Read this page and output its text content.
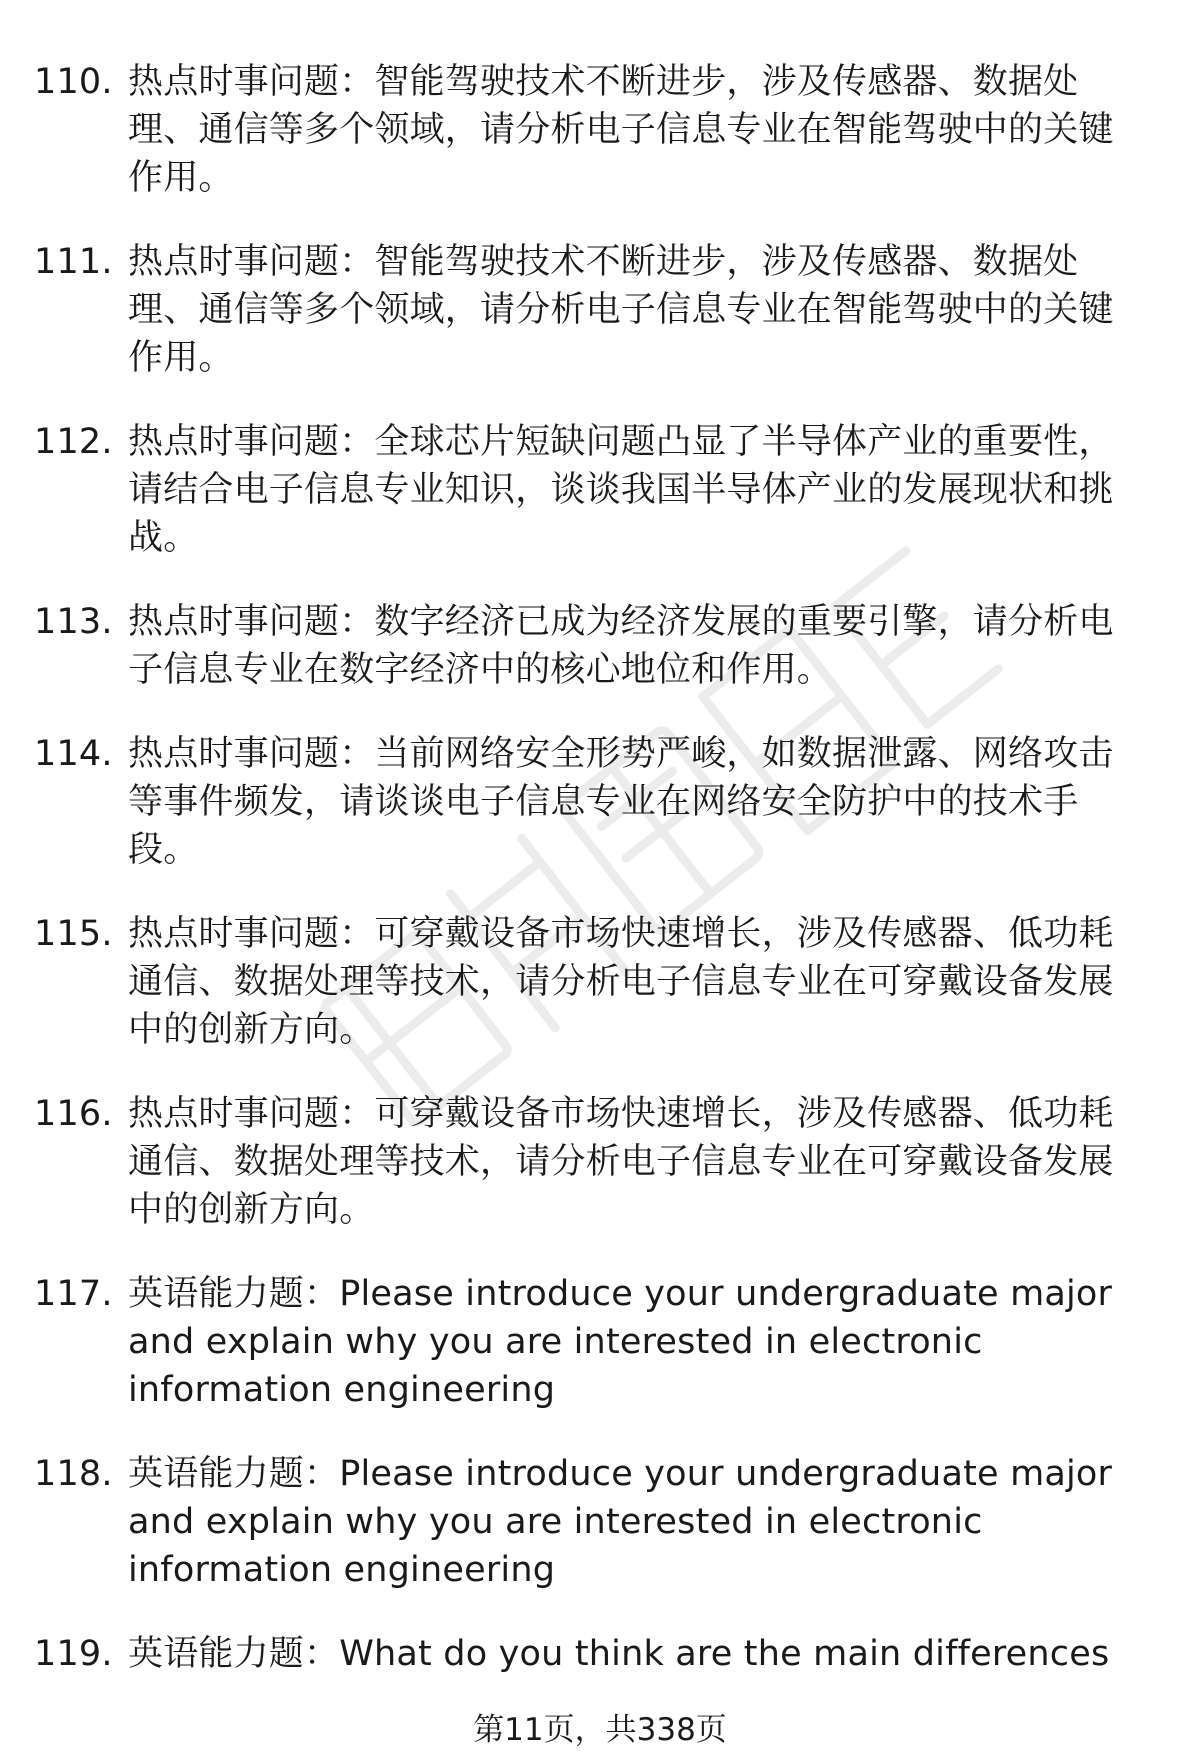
110. 热点时事问题：智能驾驶技术不断进步，涉及传感器、数据处理、通信等多个领域，请分析电子信息专业在智能驾驶中的关键作用。
111. 热点时事问题：智能驾驶技术不断进步，涉及传感器、数据处理、通信等多个领域，请分析电子信息专业在智能驾驶中的关键作用。
112. 热点时事问题：全球芯片短缺问题凸显了半导体产业的重要性，请结合电子信息专业知识，谈谈我国半导体产业的发展现状和挑战。
113. 热点时事问题：数字经济已成为经济发展的重要引擎，请分析电子信息专业在数字经济中的核心地位和作用。
114. 热点时事问题：当前网络安全形势严峻，如数据泄露、网络攻击等事件频发，请谈谈电子信息专业在网络安全防护中的技术手段。
115. 热点时事问题：可穿戴设备市场快速增长，涉及传感器、低功耗通信、数据处理等技术，请分析电子信息专业在可穿戴设备发展中的创新方向。
116. 热点时事问题：可穿戴设备市场快速增长，涉及传感器、低功耗通信、数据处理等技术，请分析电子信息专业在可穿戴设备发展中的创新方向。
117. 英语能力题：Please introduce your undergraduate major and explain why you are interested in electronic information engineering
118. 英语能力题：Please introduce your undergraduate major and explain why you are interested in electronic information engineering
119. 英语能力题：What do you think are the main differences
第11页，共338页
